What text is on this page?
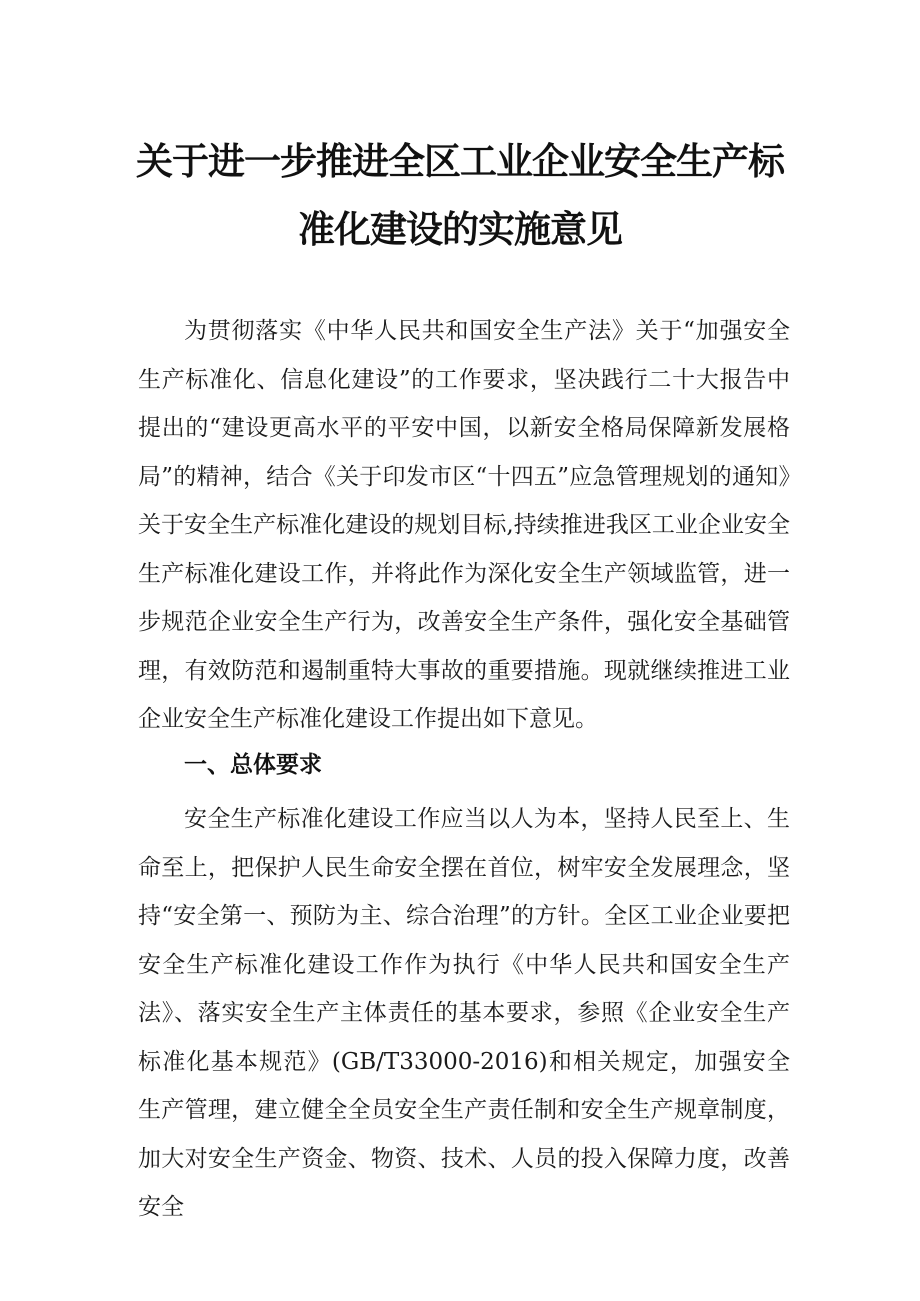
关于进一步推进全区工业企业安全生产标
准化建设的实施意见

为贯彻落实《中华人民共和国安全生产法》关于“加强安全生产标准化、信息化建设”的工作要求，坚决践行二十大报告中提出的“建设更高水平的平安中国，以新安全格局保障新发展格局”的精神，结合《关于印发市区“十四五”应急管理规划的通知》关于安全生产标准化建设的规划目标,持续推进我区工业企业安全生产标准化建设工作，并将此作为深化安全生产领域监管，进一步规范企业安全生产行为，改善安全生产条件，强化安全基础管理，有效防范和遏制重特大事故的重要措施。现就继续推进工业企业安全生产标准化建设工作提出如下意见。

一、总体要求

安全生产标准化建设工作应当以人为本，坚持人民至上、生命至上，把保护人民生命安全摆在首位，树牢安全发展理念，坚持“安全第一、预防为主、综合治理”的方针。全区工业企业要把安全生产标准化建设工作作为执行《中华人民共和国安全生产法》、落实安全生产主体责任的基本要求，参照《企业安全生产标准化基本规范》(GB/T33000-2016)和相关规定，加强安全生产管理，建立健全全员安全生产责任制和安全生产规章制度，加大对安全生产资金、物资、技术、人员的投入保障力度，改善安全
